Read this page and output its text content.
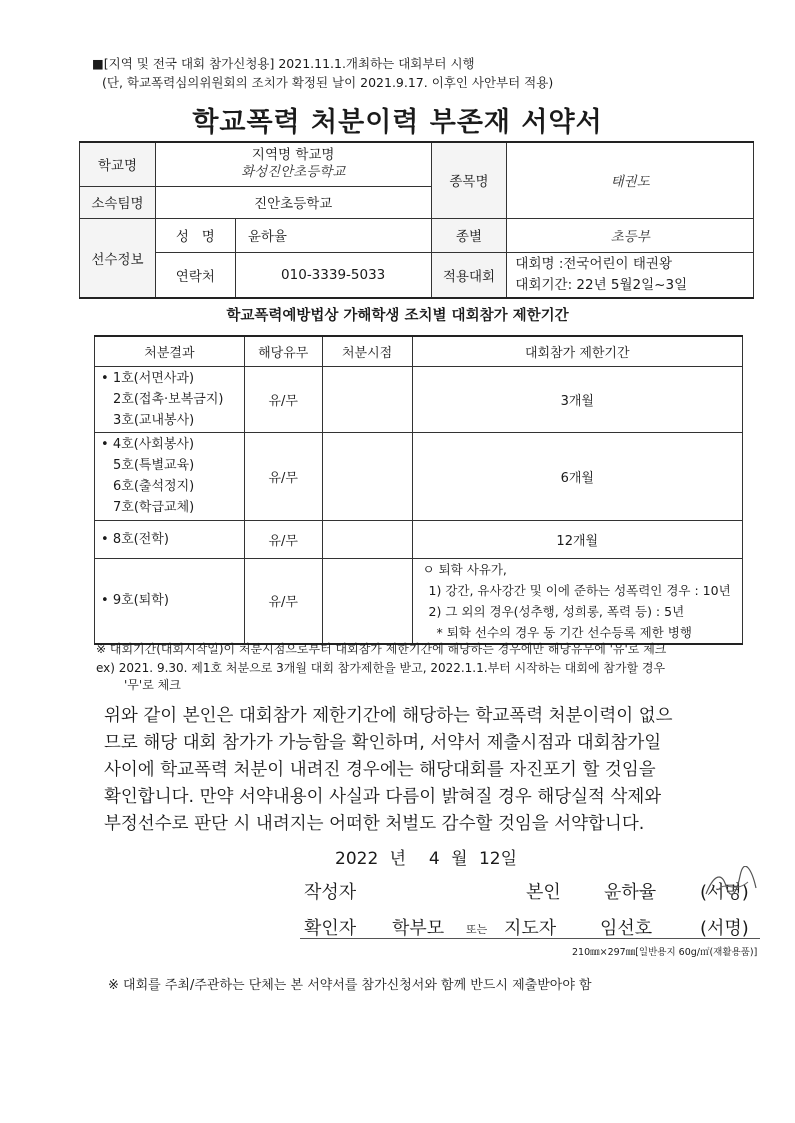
■[지역 및 전국 대회 참가신청용] 2021.11.1.개최하는 대회부터 시행
(단, 학교폭력심의위원회의 조치가 확정된 날이 2021.9.17. 이후인 사안부터 적용)
학교폭력 처분이력 부존재 서약서
학교명	지역명 학교명
화성진안초등학교		종목명	태권도
소속팀명	진안초등학교			
선수정보	성   명	윤하율	종별	초등부
	연락처	010-3339-5033	적용대회	대회명 :전국어린이 태권왕
대회기간: 22년 5월2일~3일
학교폭력예방법상 가해학생 조치별 대회참가 제한기간
처분결과	해당유무	처분시점	대회참가 제한기간
• 1호(서면사과)

2호(접촉·보복금지)
3호(교내봉사)	유/무		3개월
• 4호(사회봉사)

5호(특별교육)
6호(출석정지)
7호(학급교체)	유/무		6개월
• 8호(전학)	유/무		12개월
• 9호(퇴학)	유/무		ㅇ 퇴학 사유가,
1) 강간, 유사강간 및 이에 준하는 성폭력인 경우 : 10년
2) 그 외의 경우(성추행, 성희롱, 폭력 등) : 5년
* 퇴학 선수의 경우 동 기간 선수등록 제한 병행
※ 대회기간(대회시작일)이 처분시점으로부터 대회참가 제한기간에 해당하는 경우에만 해당유무에 '유'로 체크
ex) 2021. 9.30. 제1호 처분으로 3개월 대회 참가제한을 받고, 2022.1.1.부터 시작하는 대회에 참가할 경우
'무'로 체크
위와 같이 본인은 대회참가 제한기간에 해당하는 학교폭력 처분이력이 없으
므로 해당 대회 참가가 가능함을 확인하며, 서약서 제출시점과 대회참가일
사이에 학교폭력 처분이 내려진 경우에는 해당대회를 자진포기 할 것임을
확인합니다. 만약 서약내용이 사실과 다름이 밝혀질 경우 해당실적 삭제와
부정선수로 판단 시 내려지는 어떠한 처벌도 감수할 것임을 서약합니다.
2022 년  4 월 12일
작성자	본인 윤하율 (서명)
확인자 학부모 또는 지도자 임선호	(서명)
210㎜×297㎜[일반용지 60g/㎡(재활용품)]
※ 대회를 주최/주관하는 단체는 본 서약서를 참가신청서와 함께 반드시 제출받아야 함
